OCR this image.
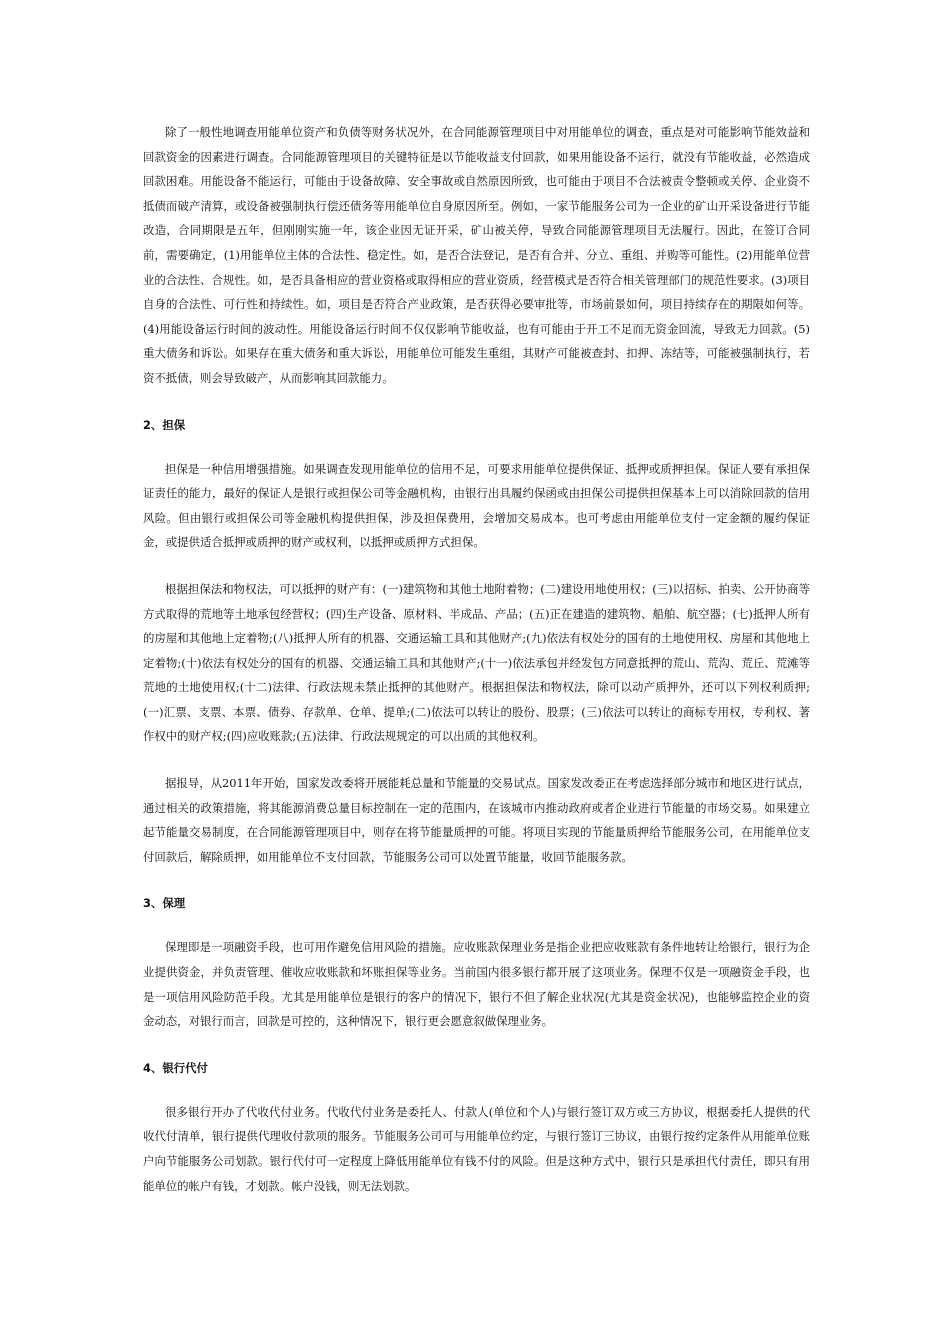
除了一般性地调查用能单位资产和负债等财务状况外，在合同能源管理项目中对用能单位的调查，重点是对可能影响节能效益和回款资金的因素进行调查。合同能源管理项目的关键特征是以节能收益支付回款，如果用能设备不运行，就没有节能收益，必然造成回款困难。用能设备不能运行，可能由于设备故障、安全事故或自然原因所致，也可能由于项目不合法被责令整顿或关停、企业资不抵债而破产清算，或设备被强制执行偿还债务等用能单位自身原因所至。例如，一家节能服务公司为一企业的矿山开采设备进行节能改造，合同期限是五年，但刚刚实施一年，该企业因无证开采，矿山被关停，导致合同能源管理项目无法履行。因此，在签订合同前，需要确定，(1)用能单位主体的合法性、稳定性。如，是否合法登记，是否有合并、分立、重组、并购等可能性。(2)用能单位营业的合法性、合规性。如，是否具备相应的营业资格或取得相应的营业资质，经营模式是否符合相关管理部门的规范性要求。(3)项目自身的合法性、可行性和持续性。如，项目是否符合产业政策，是否获得必要审批等，市场前景如何，项目持续存在的期限如何等。(4)用能设备运行时间的波动性。用能设备运行时间不仅仅影响节能收益，也有可能由于开工不足而无资金回流，导致无力回款。(5)重大债务和诉讼。如果存在重大债务和重大诉讼，用能单位可能发生重组，其财产可能被查封、扣押、冻结等，可能被强制执行，若资不抵债，则会导致破产，从而影响其回款能力。

2、担保

担保是一种信用增强措施。如果调查发现用能单位的信用不足，可要求用能单位提供保证、抵押或质押担保。保证人要有承担保证责任的能力，最好的保证人是银行或担保公司等金融机构，由银行出具履约保函或由担保公司提供担保基本上可以消除回款的信用风险。但由银行或担保公司等金融机构提供担保，涉及担保费用，会增加交易成本。也可考虑由用能单位支付一定金额的履约保证金，或提供适合抵押或质押的财产或权利，以抵押或质押方式担保。

根据担保法和物权法，可以抵押的财产有：(一)建筑物和其他土地附着物；(二)建设用地使用权；(三)以招标、拍卖、公开协商等方式取得的荒地等土地承包经营权；(四)生产设备、原材料、半成品、产品；(五)正在建造的建筑物、船舶、航空器；(七)抵押人所有的房屋和其他地上定着物;(八)抵押人所有的机器、交通运输工具和其他财产;(九)依法有权处分的国有的土地使用权、房屋和其他地上定着物;(十)依法有权处分的国有的机器、交通运输工具和其他财产;(十一)依法承包并经发包方同意抵押的荒山、荒沟、荒丘、荒滩等荒地的土地使用权;(十二)法律、行政法规未禁止抵押的其他财产。根据担保法和物权法，除可以动产质押外，还可以下列权利质押;(一)汇票、支票、本票、债券、存款单、仓单、提单;(二)依法可以转让的股份、股票；(三)依法可以转让的商标专用权，专利权、著作权中的财产权;(四)应收账款;(五)法律、行政法规规定的可以出质的其他权利。

据报导，从2011年开始，国家发改委将开展能耗总量和节能量的交易试点。国家发改委正在考虑选择部分城市和地区进行试点，通过相关的政策措施，将其能源消费总量目标控制在一定的范围内，在该城市内推动政府或者企业进行节能量的市场交易。如果建立起节能量交易制度，在合同能源管理项目中，则存在将节能量质押的可能。将项目实现的节能量质押给节能服务公司，在用能单位支付回款后，解除质押，如用能单位不支付回款，节能服务公司可以处置节能量，收回节能服务款。

3、保理

保理即是一项融资手段，也可用作避免信用风险的措施。应收账款保理业务是指企业把应收账款有条件地转让给银行，银行为企业提供资金，并负责管理、催收应收账款和坏账担保等业务。当前国内很多银行都开展了这项业务。保理不仅是一项融资金手段，也是一项信用风险防范手段。尤其是用能单位是银行的客户的情况下，银行不但了解企业状况(尤其是资金状况)，也能够监控企业的资金动态，对银行而言，回款是可控的，这种情况下，银行更会愿意叙做保理业务。

4、银行代付

很多银行开办了代收代付业务。代收代付业务是委托人、付款人(单位和个人)与银行签订双方或三方协议，根据委托人提供的代收代付清单，银行提供代理收付款项的服务。节能服务公司可与用能单位约定，与银行签订三协议，由银行按约定条件从用能单位账户向节能服务公司划款。银行代付可一定程度上降低用能单位有钱不付的风险。但是这种方式中，银行只是承担代付责任，即只有用能单位的帐户有钱，才划款。帐户没钱，则无法划款。
